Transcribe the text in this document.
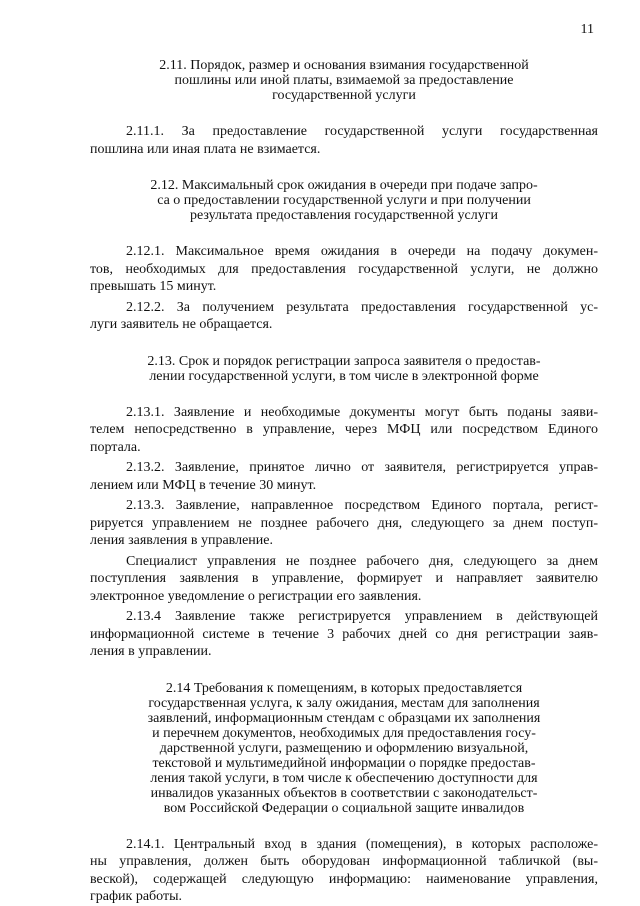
11
2.11. Порядок, размер и основания взимания государственной
пошлины или иной платы, взимаемой за предоставление
государственной услуги
2.11.1. За предоставление государственной услуги государственная
пошлина или иная плата не взимается.
2.12. Максимальный срок ожидания в очереди при подаче запро-
са о предоставлении государственной услуги и при получении
результата предоставления государственной услуги
2.12.1. Максимальное время ожидания в очереди на подачу докумен-
тов, необходимых для предоставления государственной услуги, не должно
превышать 15 минут.
2.12.2. За получением результата предоставления государственной ус-
луги заявитель не обращается.
2.13. Срок и порядок регистрации запроса заявителя о предостав-
лении государственной услуги, в том числе в электронной форме
2.13.1. Заявление и необходимые документы могут быть поданы заяви-
телем непосредственно в управление, через МФЦ или посредством Единого
портала.
2.13.2. Заявление, принятое лично от заявителя, регистрируется управ-
лением или МФЦ в течение 30 минут.
2.13.3. Заявление, направленное посредством Единого портала, регист-
рируется управлением не позднее рабочего дня, следующего за днем поступ-
ления заявления в управление.
Специалист управления не позднее рабочего дня, следующего за днем
поступления заявления в управление, формирует и направляет заявителю
электронное уведомление о регистрации его заявления.
2.13.4 Заявление также регистрируется управлением в действующей
информационной системе в течение 3 рабочих дней со дня регистрации заяв-
ления в управлении.
2.14 Требования к помещениям, в которых предоставляется
государственная услуга, к залу ожидания, местам для заполнения
заявлений, информационным стендам с образцами их заполнения
и перечнем документов, необходимых для предоставления госу-
дарственной услуги, размещению и оформлению визуальной,
текстовой и мультимедийной информации о порядке предостав-
ления такой услуги, в том числе к обеспечению доступности для
инвалидов указанных объектов в соответствии с законодательст-
вом Российской Федерации о социальной защите инвалидов
2.14.1. Центральный вход в здания (помещения), в которых расположе-
ны управления, должен быть оборудован информационной табличкой (вы-
веской), содержащей следующую информацию: наименование управления,
график работы.
